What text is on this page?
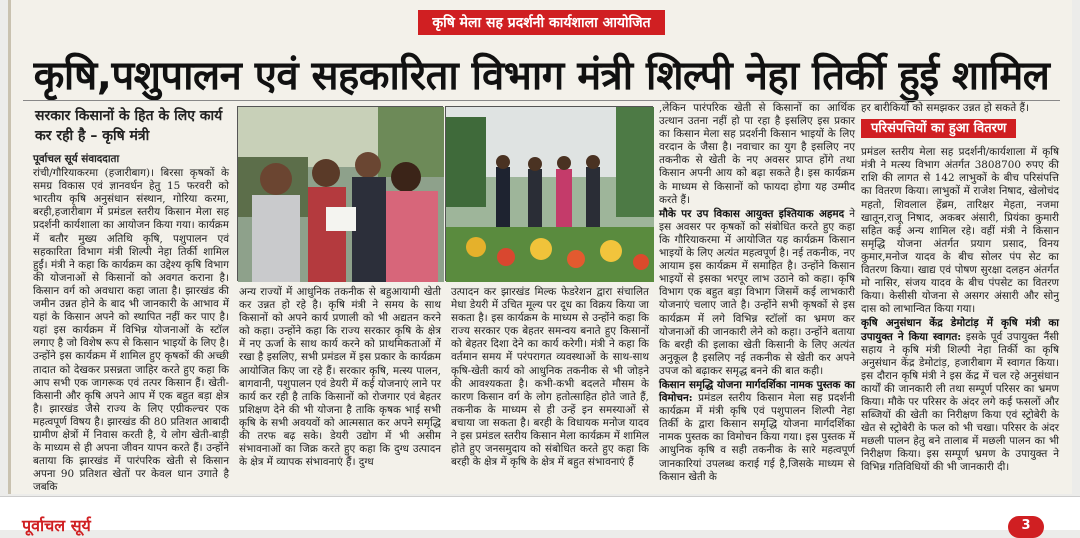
कृषि मेला सह प्रदर्शनी कार्यशाला आयोजित
कृषि,पशुपालन एवं सहकारिता विभाग मंत्री शिल्पी नेहा तिर्की हुई शामिल
सरकार किसानों के हित के लिए कार्य कर रही है – कृषि मंत्री

पूर्वाचल सूर्य संवाददाता

रांची/गौरियाकरमा (हजारीबाग)। बिरसा कृषकों के समग्र विकास एवं ज्ञानवर्धन हेतु 15 फरवरी को भारतीय कृषि अनुसंधान संस्थान, गोरिया करमा, बरही,हजारीबाग में प्रमंडल स्तरीय किसान मेला सह प्रदर्शनी कार्यशाला का आयोजन किया गया। कार्यक्रम में बतौर मुख्य अतिथि कृषि, पशुपालन एवं सहकारिता विभाग मंत्री शिल्पी नेहा तिर्की शामिल हुईं। मंत्री ने कहा कि कार्यक्रम का उद्देश्य कृषि विभाग की योजनाओं से किसानों को अवगत कराना है। किसान वर्ग को अवधारा कहा जाता है। झारखंड की जमीन उन्नत होने के बाद भी जानकारी के आभाव में यहां के किसान अपने को स्थापित नहीं कर पाए है। यहां इस कार्यक्रम में विभिन्न योजनाओं के स्टॉल लगाए है जो विशेष रूप से किसान भाइयों के लिए है। उन्होंने इस कार्यक्रम में शामिल हुए कृषकों की अच्छी तादात को देखकर प्रसन्नता जाहिर करते हुए कहा कि आप सभी एक जागरूक एवं तत्पर किसान हैं। खेती-किसानी और कृषि अपने आप में एक बहुत बड़ा क्षेत्र है। झारखंड जैसे राज्य के लिए एग्रीकल्चर एक महत्वपूर्ण विषय है। झारखंड की 80 प्रतिशत आबादी ग्रामीण क्षेत्रों में निवास करती है, ये लोग खेती-बाड़ी के माध्यम से ही अपना जीवन यापन करते हैं। उन्होंने बताया कि झारखंड में पारंपरिक खेती से किसान अपना 90 प्रतिशत खेतों पर केवल धान उगाते है जबकि

अन्य राज्यों में आधुनिक तकनीक से बहुआयामी खेती कर उन्नत हो रहे है। कृषि मंत्री ने समय के साथ किसानों को अपने कार्य प्रणाली को भी अद्यतन करने को कहा। उन्होंने कहा कि राज्य सरकार कृषि के क्षेत्र में नए ऊर्जा के साथ कार्य करने को प्राथमिकताओं में रखा है इसलिए, सभी प्रमंडल में इस प्रकार के कार्यक्रम आयोजित किए जा रहे हैं। सरकार कृषि, मत्स्य पालन, बागवानी, पशुपालन एवं डेयरी में कई योजनाएं लाने पर कार्य कर रही है ताकि किसानों को रोजगार एवं बेहतर प्रशिक्षण देने की भी योजना है ताकि कृषक भाई सभी कृषि के सभी अवयवों को आत्मसात कर अपने समृद्धि की तरफ बढ़ सके। डेयरी उद्योग में भी असीम संभावनाओं का जिक्र करते हुए कहा कि दुग्ध उत्पादन के क्षेत्र में व्यापक संभावनाएं हैं। दुग्ध

उत्पादन कर झारखंड मिल्क फेडरेशन द्वारा संचालित मेधा डेयरी में उचित मूल्य पर दूध का विक्रय किया जा सकता है। इस कार्यक्रम के माध्यम से उन्होंने कहा कि राज्य सरकार एक बेहतर समन्वय बनाते हुए किसानों को बेहतर दिशा देने का कार्य करेगी। मंत्री ने कहा कि वर्तमान समय में परंपरागत व्यवस्थाओं के साथ-साथ कृषि-खेती कार्य को आधुनिक तकनीक से भी जोड़ने की आवश्यकता है। कभी-कभी बदलते मौसम के कारण किसान वर्ग के लोग हतोत्साहित होते जाते हैं, तकनीक के माध्यम से ही उन्हें इन समस्याओं से बचाया जा सकता है। बरही के विधायक मनोज यादव ने इस प्रमंडल स्तरीय किसान मेला कार्यक्रम में शामिल होते हुए जनसमुदाय को संबोधित करते हुए कहा कि बरही के क्षेत्र में कृषि के क्षेत्र में बहुत संभावनाएं हैं

,लेकिन पारंपरिक खेती से किसानों का आर्थिक उत्थान उतना नहीं हो पा रहा है इसलिए इस प्रकार का किसान मेला सह प्रदर्शनी किसान भाइयों के लिए वरदान के जैसा है। नवाचार का युग है इसलिए नए तकनीक से खेती के नए अवसर प्राप्त होंगे तथा किसान अपनी आय को बढ़ा सकते है। इस कार्यक्रम के माध्यम से किसानों को फायदा होगा यह उम्मीद करते हैं।

मौके पर उप विकास आयुक्त इश्तियाक अहमद ने इस अवसर पर कृषकों को संबोधित करते हुए कहा कि गौरियाकरमा में आयोजित यह कार्यक्रम किसान भाइयों के लिए अत्यंत महत्वपूर्ण है। नई तकनीक, नए आयाम इस कार्यक्रम में समाहित है। उन्होंने किसान भाइयों से इसका भरपूर लाभ उठाने को कहा। कृषि विभाग एक बहुत बड़ा विभाग जिसमें कई लाभकारी योजनाएं चलाए जाते है। उन्होंने सभी कृषकों से इस कार्यक्रम में लगे विभिन्न स्टॉलों का भ्रमण कर योजनाओं की जानकारी लेने को कहा। उन्होंने बताया कि बरही की इलाका खेती किसानी के लिए अत्यंत अनुकूल है इसलिए नई तकनीक से खेती कर अपने उपज को बढ़ाकर समृद्ध बनने की बात कही।

किसान समृद्धि योजना मार्गदर्शिका नामक पुस्तक का विमोचन: प्रमंडल स्तरीय किसान मेला सह प्रदर्शनी कार्यक्रम में मंत्री कृषि एवं पशुपालन शिल्पी नेहा तिर्की के द्वारा किसान समृद्धि योजना मार्गदर्शिका नामक पुस्तक का विमोचन किया गया। इस पुस्तक में आधुनिक कृषि व सही तकनीक के सारे महत्वपूर्ण जानकारियां उपलब्ध कराई गई है,जिसके माध्यम से किसान खेती के

हर बारीकियों को समझकर उन्नत हो सकते हैं।

परिसंपत्तियों का हुआ वितरण

प्रमंडल स्तरीय मेला सह प्रदर्शनी/कार्यशाला में कृषि मंत्री ने मत्स्य विभाग अंतर्गत 3808700 रुपए की राशि की लागत से 142 लाभुकों के बीच परिसंपत्ति का वितरण किया। लाभुकों में राजेश निषाद, खेलोचंद महतो, शिवलाल हेंब्रम, तारिक्षर मेहता, नजमा खातून,राजू निषाद, अकबर अंसारी, प्रियंका कुमारी सहित कई अन्य शामिल रहे। वहीं मंत्री ने किसान समृद्धि योजना अंतर्गत प्रयाग प्रसाद, विनय कुमार,मनोज यादव के बीच सोलर पंप सेट का वितरण किया। खाद्य एवं पोषण सुरक्षा दलहन अंतर्गत मो नासिर, संजय यादव के बीच पंपसेट का वितरण किया। केसीसी योजना से असगर अंसारी और सोनु दास को लाभान्वित किया गया।

कृषि अनुसंधान केंद्र डेमोटांड़ में कृषि मंत्री का उपायुक्त ने किया स्वागत: इसके पूर्व उपायुक्त नैंसी सहाय ने कृषि मंत्री शिल्पी नेहा तिर्की का कृषि अनुसंधान केंद्र डेमोटांड़, हजारीबाग में स्वागत किया। इस दौरान कृषि मंत्री ने इस केंद्र में चल रहे अनुसंधान कार्यों की जानकारी ली तथा सम्पूर्ण परिसर का भ्रमण किया। मौके पर परिसर के अंदर लगे कई फसलों और सब्जियों की खेती का निरीक्षण किया एवं स्ट्रोबेरी के खेत से स्ट्रोबेरी के फल को भी चखा। परिसर के अंदर मछली पालन हेतु बने तालाब में मछली पालन का भी निरीक्षण किया। इस सम्पूर्ण भ्रमण के उपायुक्त ने विभिन्न गतिविधियों की भी जानकारी दी।

पूर्वाचल सूर्य	3
